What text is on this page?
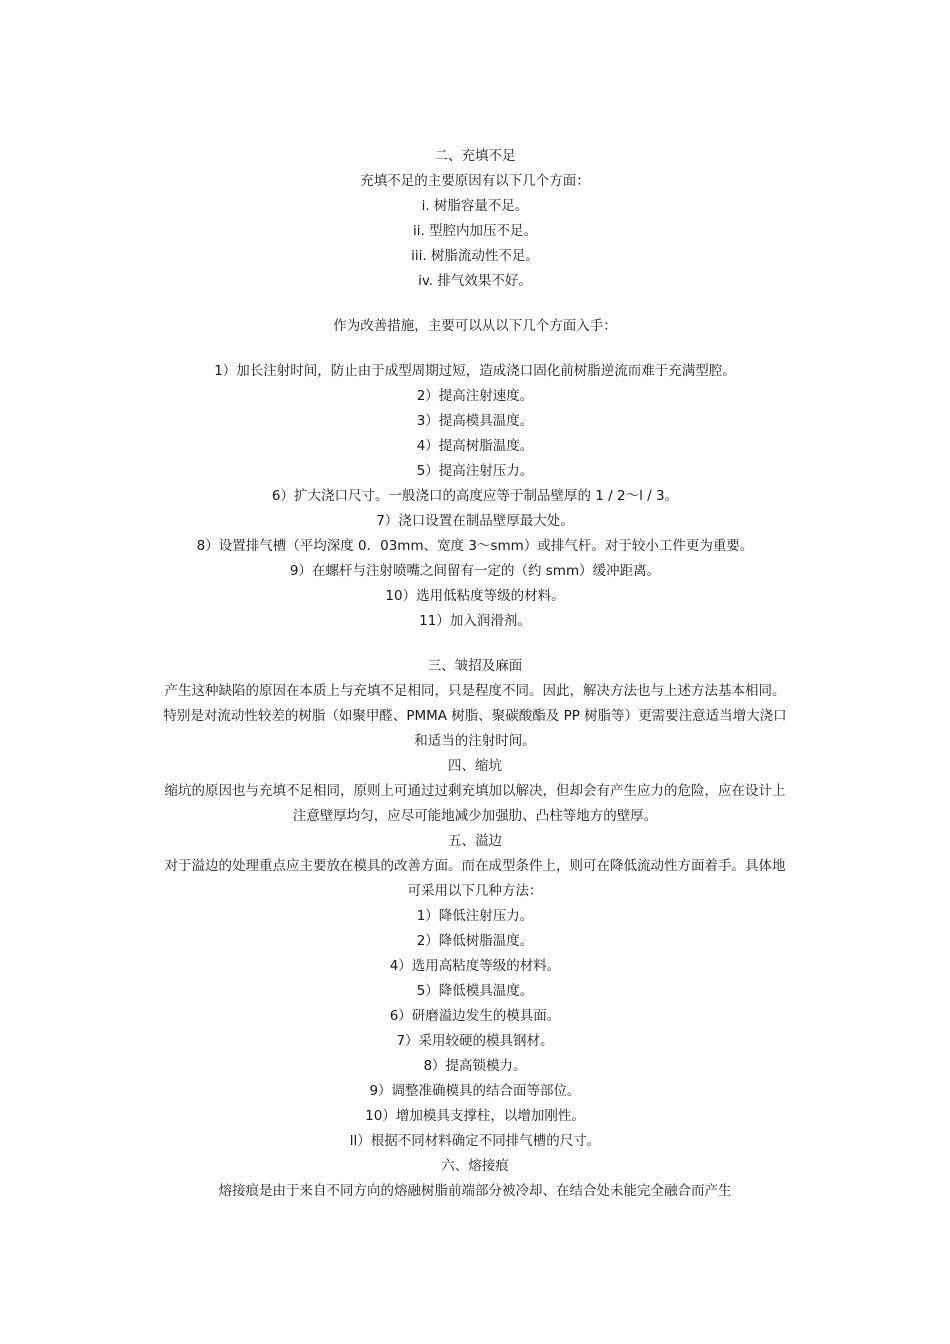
二、充填不足
充填不足的主要原因有以下几个方面：
i. 树脂容量不足。
ii. 型腔内加压不足。
iii. 树脂流动性不足。
iv. 排气效果不好。
作为改善措施，主要可以从以下几个方面入手：
1）加长注射时间，防止由于成型周期过短，造成浇口固化前树脂逆流而难于充满型腔。
2）提高注射速度。
3）提高模具温度。
4）提高树脂温度。
5）提高注射压力。
6）扩大浇口尺寸。一般浇口的高度应等于制品壁厚的 1 / 2～l / 3。
7）浇口设置在制品壁厚最大处。
8）设置排气槽（平均深度 0．03mm、宽度 3～smm）或排气杆。对于较小工件更为重要。
9）在螺杆与注射喷嘴之间留有一定的（约 smm）缓冲距离。
10）选用低粘度等级的材料。
11）加入润滑剂。
三、皱招及麻面
产生这种缺陷的原因在本质上与充填不足相同，只是程度不同。因此，解决方法也与上述方法基本相同。
特别是对流动性较差的树脂（如聚甲醛、PMMA 树脂、聚碳酸酯及 PP 树脂等）更需要注意适当增大浇口
和适当的注射时间。
四、缩坑
缩坑的原因也与充填不足相同，原则上可通过过剩充填加以解决，但却会有产生应力的危险，应在设计上
注意壁厚均匀，应尽可能地减少加强肋、凸柱等地方的壁厚。
五、溢边
对于溢边的处理重点应主要放在模具的改善方面。而在成型条件上，则可在降低流动性方面着手。具体地
可采用以下几种方法：
1）降低注射压力。
2）降低树脂温度。
4）选用高粘度等级的材料。
5）降低模具温度。
6）研磨溢边发生的模具面。
7）采用较硬的模具钢材。
8）提高锁模力。
9）调整准确模具的结合面等部位。
10）增加模具支撑柱，以增加刚性。
ll）根据不同材料确定不同排气槽的尺寸。
六、熔接痕
熔接痕是由于来自不同方向的熔融树脂前端部分被冷却、在结合处未能完全融合而产生
